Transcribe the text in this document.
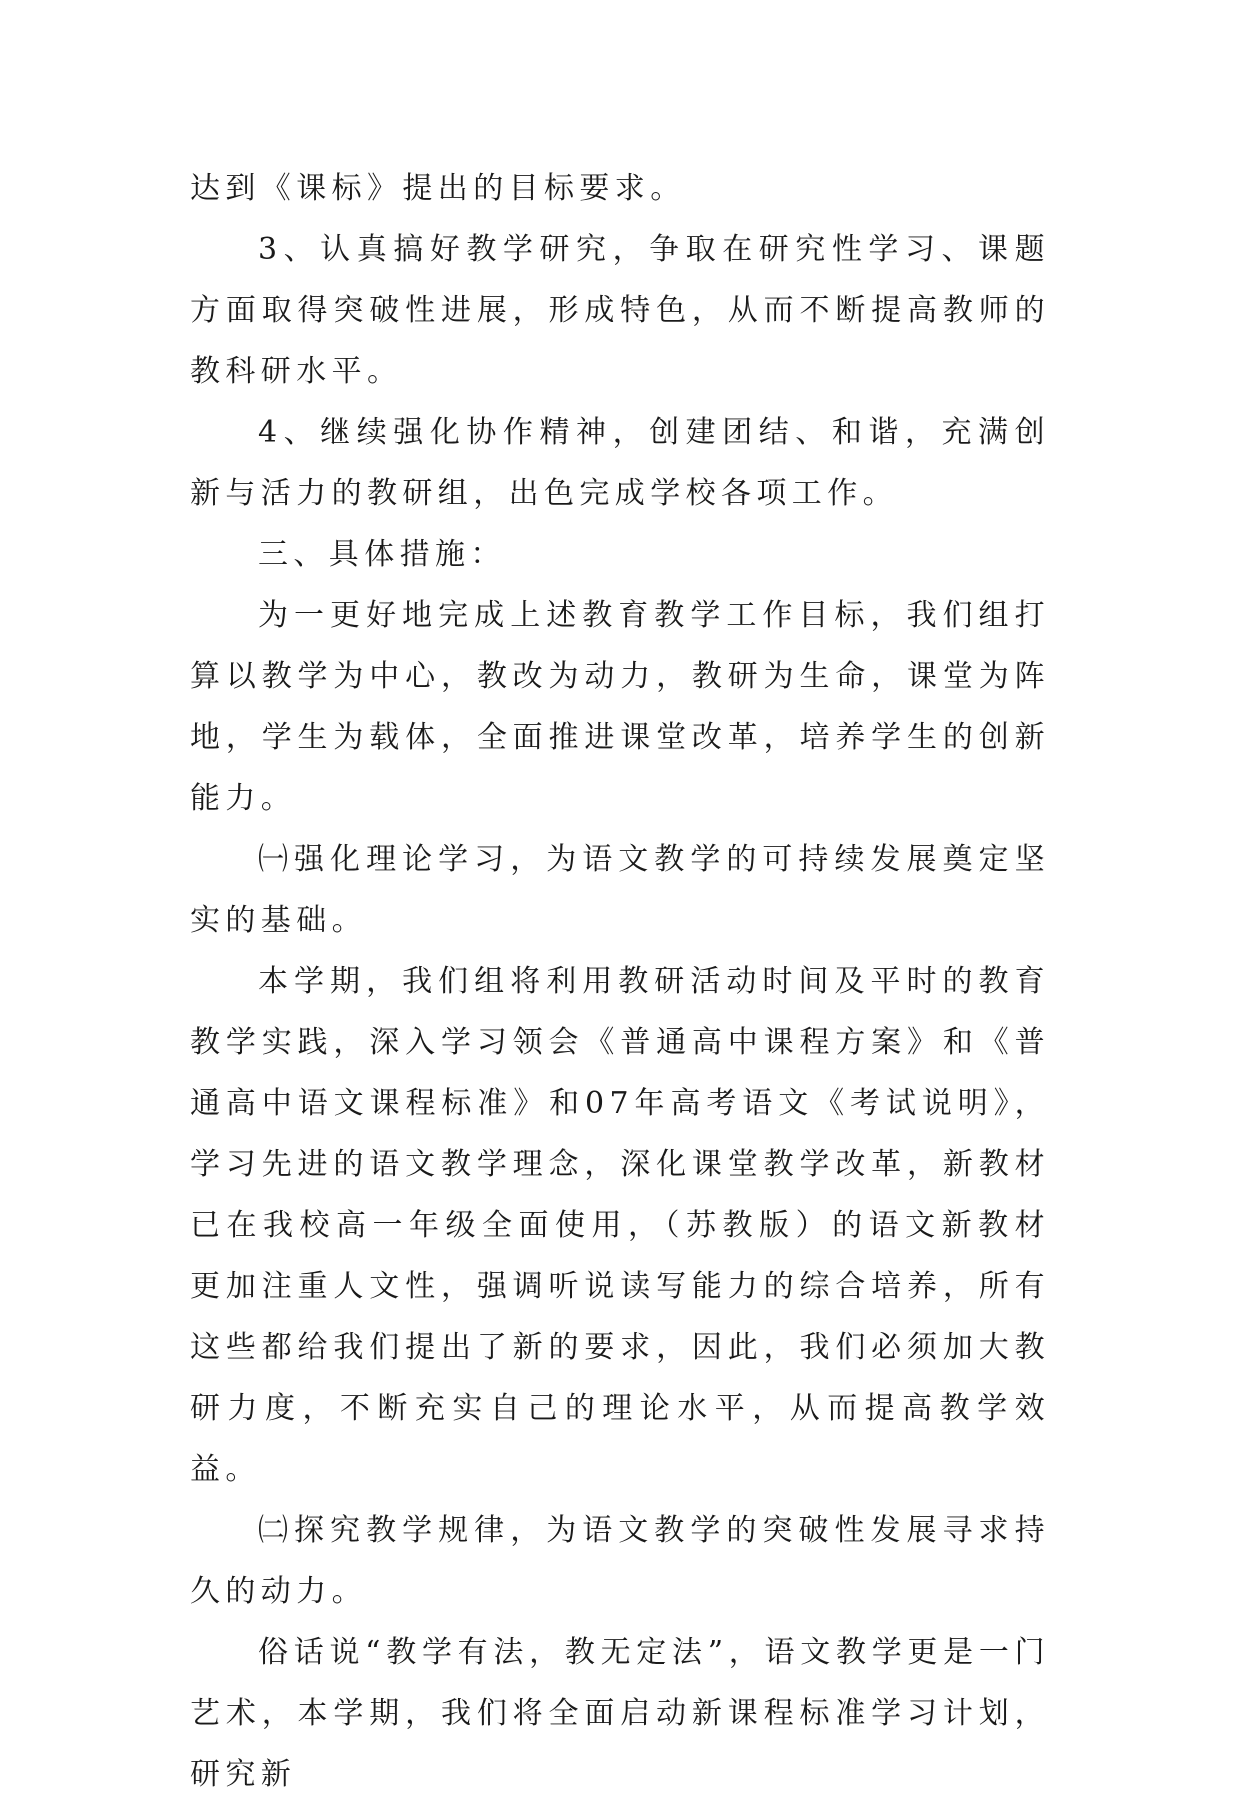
达到《课标》提出的目标要求。

3、认真搞好教学研究，争取在研究性学习、课题方面取得突破性进展，形成特色，从而不断提高教师的教科研水平。

4、继续强化协作精神，创建团结、和谐，充满创新与活力的教研组，出色完成学校各项工作。

三、具体措施：

为一更好地完成上述教育教学工作目标，我们组打算以教学为中心，教改为动力，教研为生命，课堂为阵地，学生为载体，全面推进课堂改革，培养学生的创新能力。

㈠强化理论学习，为语文教学的可持续发展奠定坚实的基础。

本学期，我们组将利用教研活动时间及平时的教育教学实践，深入学习领会《普通高中课程方案》和《普通高中语文课程标准》和07年高考语文《考试说明》，学习先进的语文教学理念，深化课堂教学改革，新教材已在我校高一年级全面使用，（苏教版）的语文新教材更加注重人文性，强调听说读写能力的综合培养，所有这些都给我们提出了新的要求，因此，我们必须加大教研力度，不断充实自己的理论水平，从而提高教学效益。

㈡探究教学规律，为语文教学的突破性发展寻求持久的动力。

俗话说“教学有法，教无定法”，语文教学更是一门艺术，本学期，我们将全面启动新课程标准学习计划，研究新
